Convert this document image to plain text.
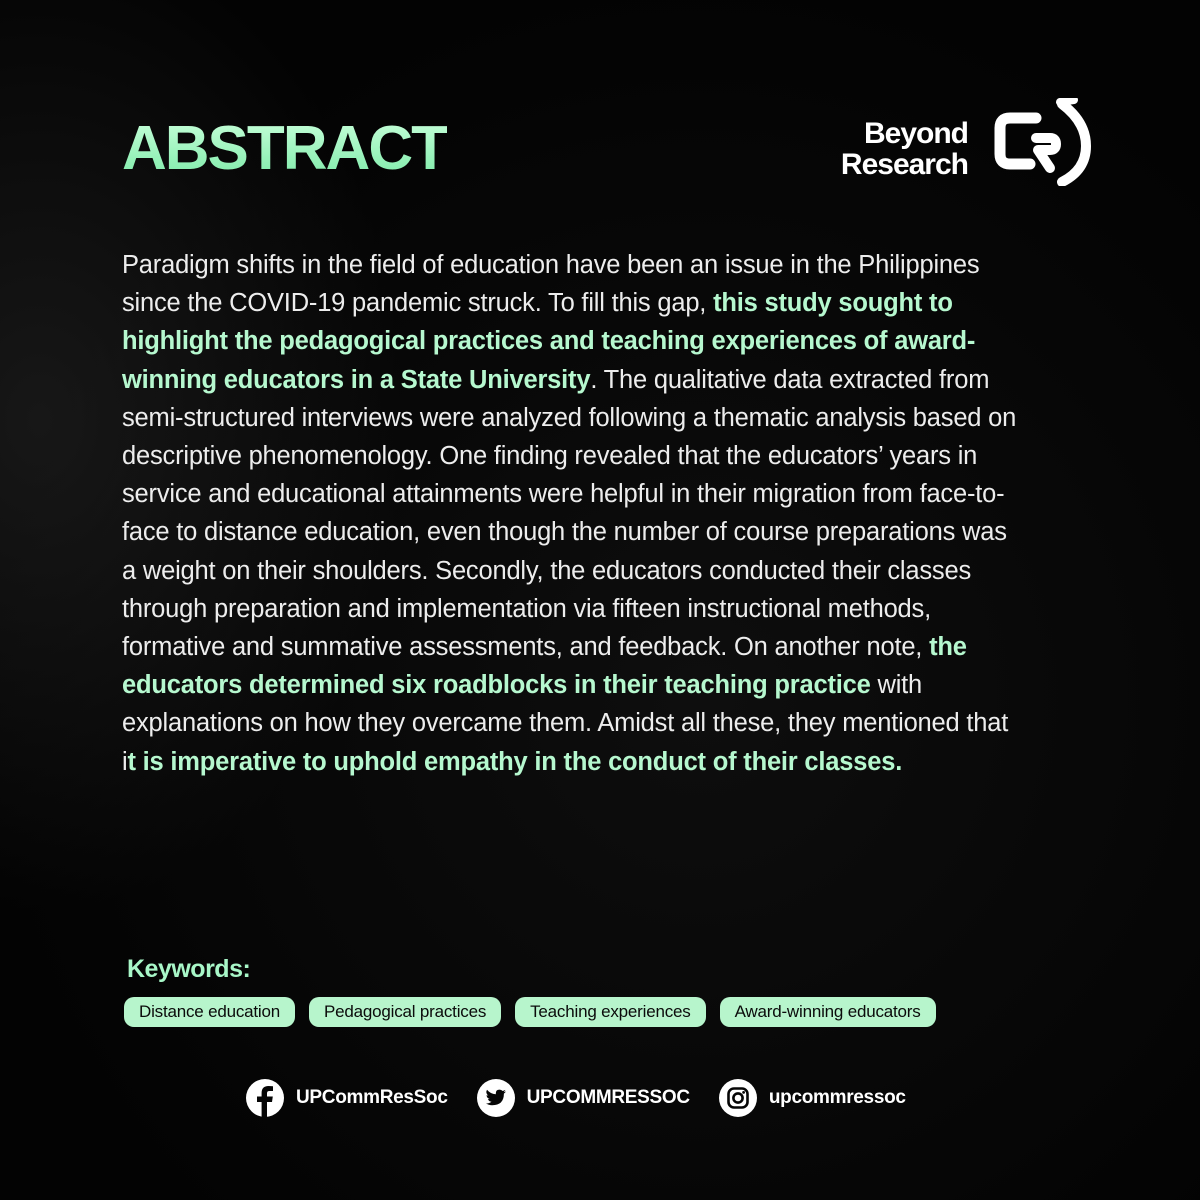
ABSTRACT	Beyond
Research
Paradigm shifts in the field of education have been an issue in the Philippines since the COVID-19 pandemic struck. To fill this gap, this study sought to highlight the pedagogical practices and teaching experiences of award-winning educators in a State University. The qualitative data extracted from semi-structured interviews were analyzed following a thematic analysis based on descriptive phenomenology. One finding revealed that the educators’ years in service and educational attainments were helpful in their migration from face-to-face to distance education, even though the number of course preparations was a weight on their shoulders. Secondly, the educators conducted their classes through preparation and implementation via fifteen instructional methods, formative and summative assessments, and feedback. On another note, the educators determined six roadblocks in their teaching practice with explanations on how they overcame them. Amidst all these, they mentioned that it is imperative to uphold empathy in the conduct of their classes.
Keywords:
Distance education	Pedagogical practices	Teaching experiences	Award-winning educators
UPCommResSoc	UPCOMMRESSOC	upcommressoc
